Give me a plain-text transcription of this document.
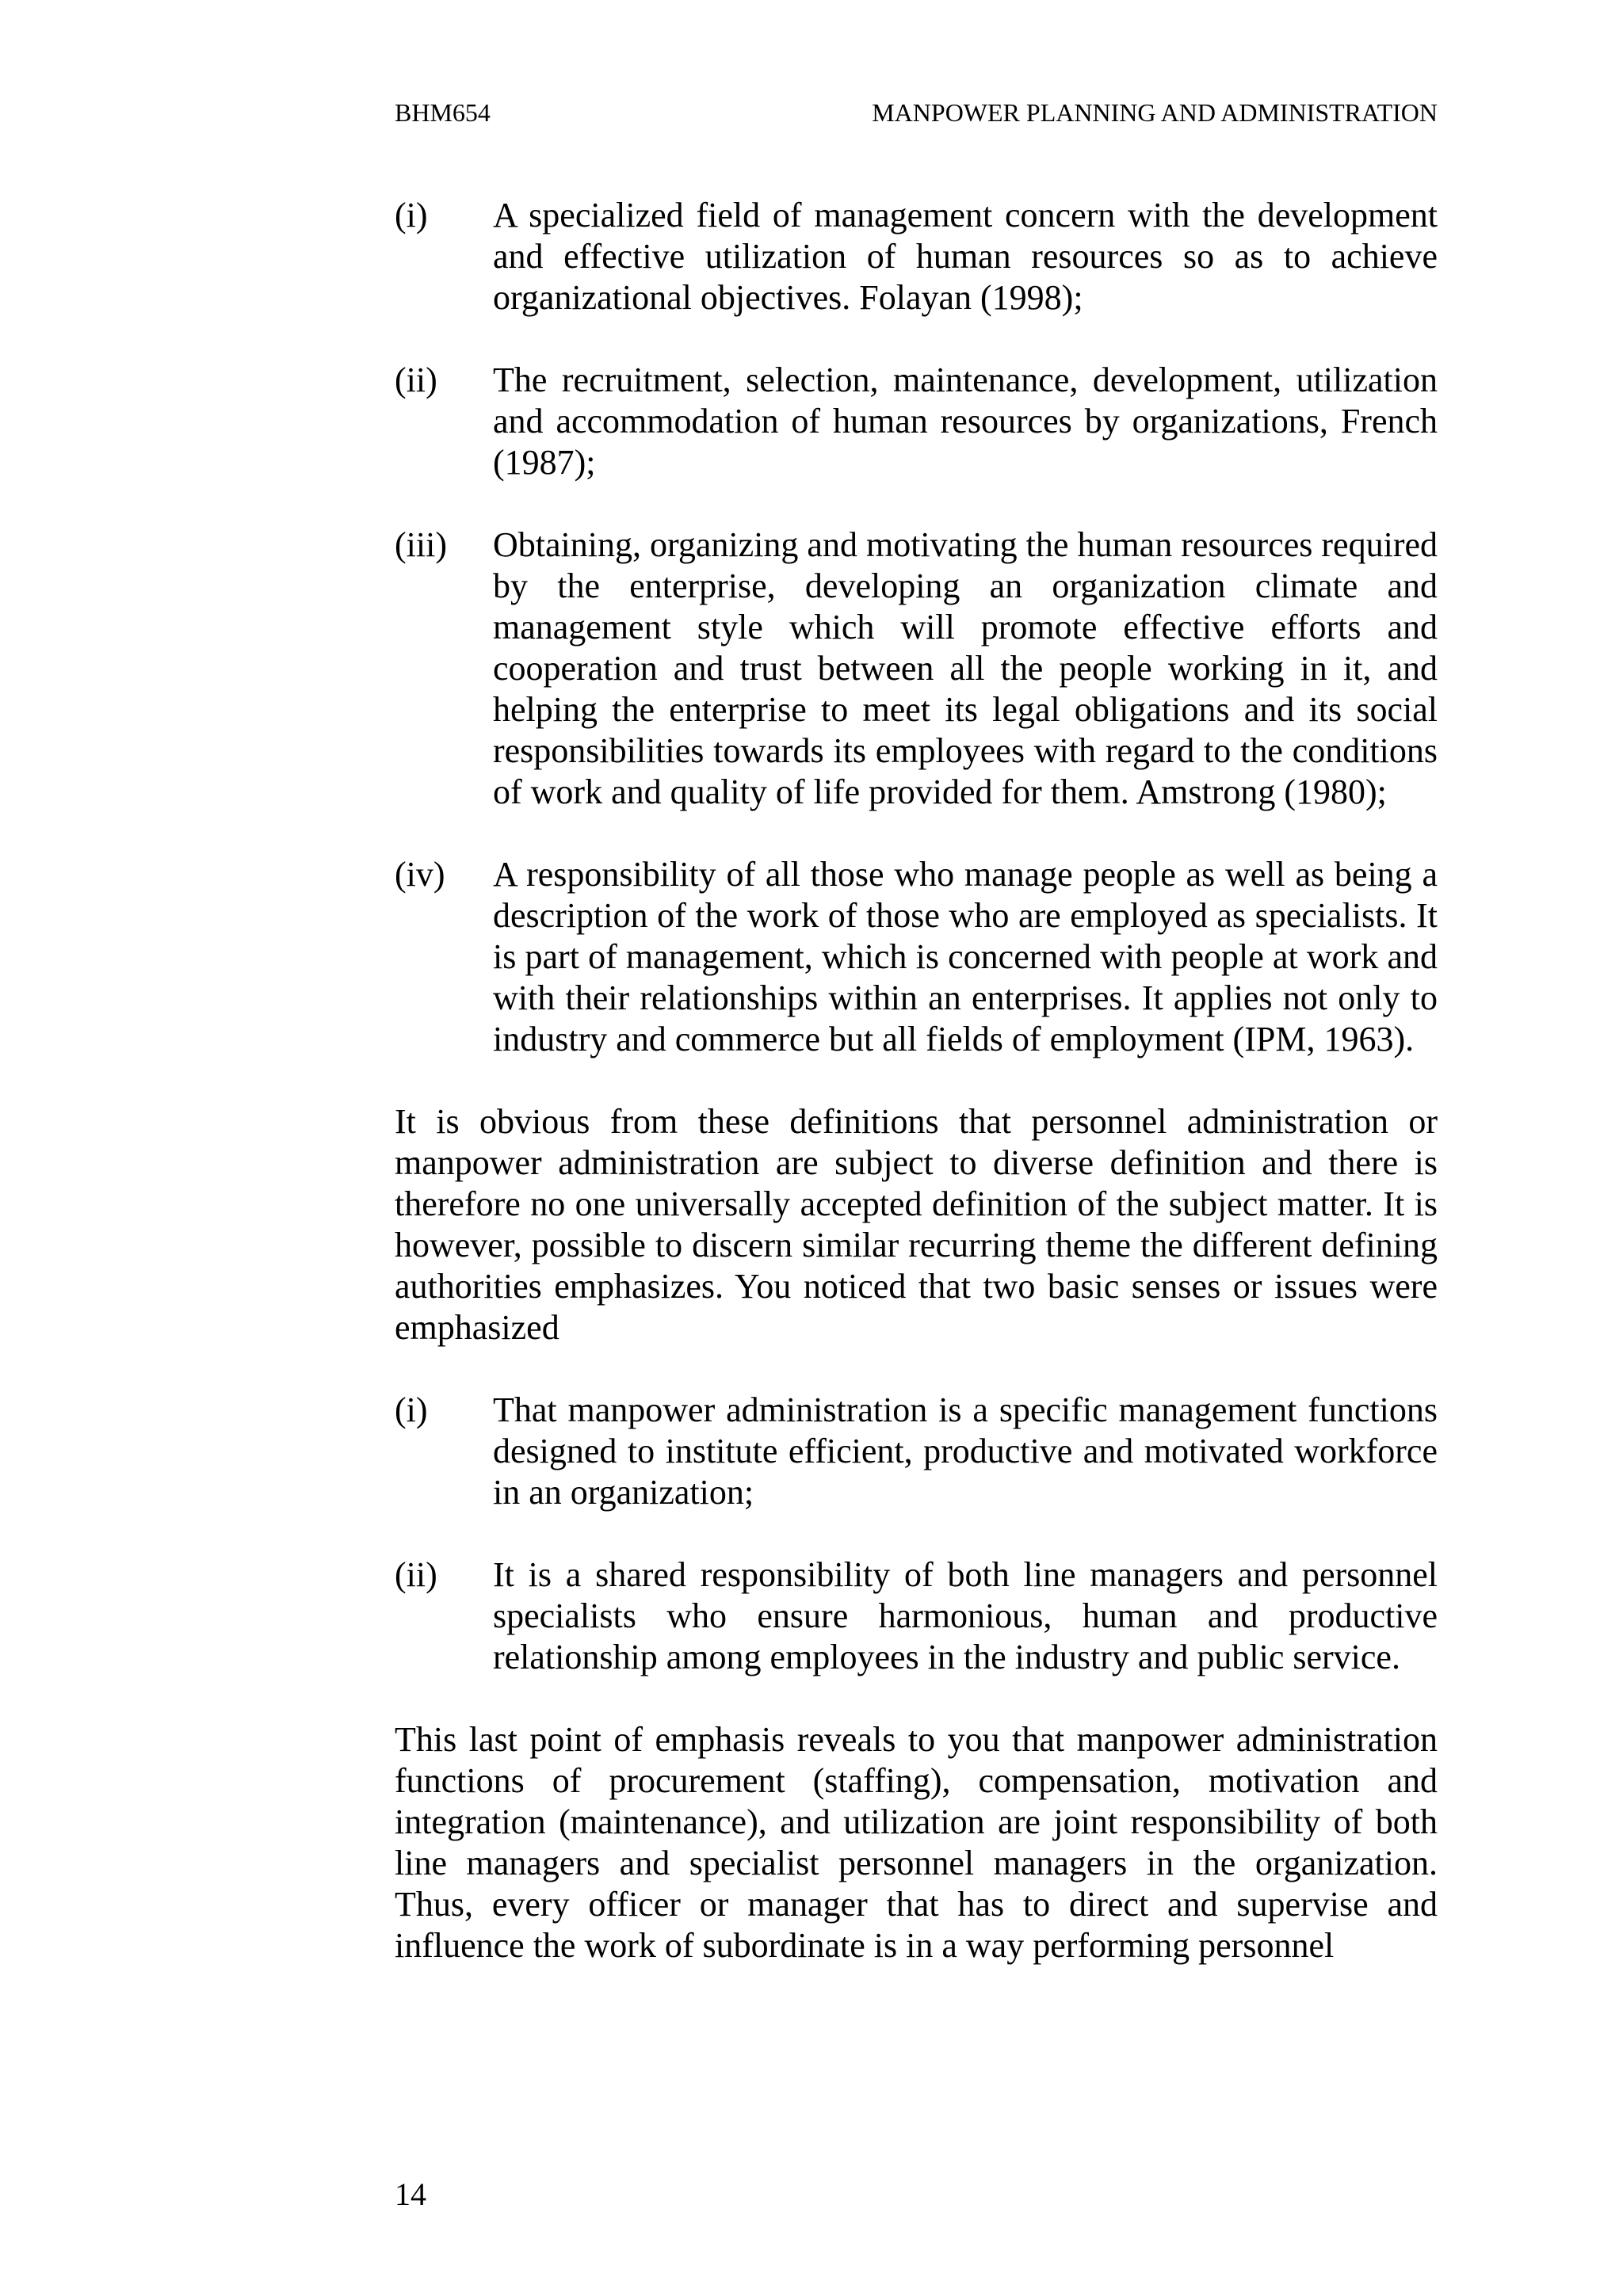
BHM654	MANPOWER PLANNING AND ADMINISTRATION
(i)	A specialized field of management concern with the development and effective utilization of human resources so as to achieve organizational objectives. Folayan (1998);
(ii)	The recruitment, selection, maintenance, development, utilization and accommodation of human resources by organizations, French (1987);
(iii)	Obtaining, organizing and motivating the human resources required by the enterprise, developing an organization climate and management style which will promote effective efforts and cooperation and trust between all the people working in it, and helping the enterprise to meet its legal obligations and its social responsibilities towards its employees with regard to the conditions of work and quality of life provided for them. Amstrong (1980);
(iv)	A responsibility of all those who manage people as well as being a description of the work of those who are employed as specialists. It is part of management, which is concerned with people at work and with their relationships within an enterprises. It applies not only to industry and commerce but all fields of employment (IPM, 1963).

It is obvious from these definitions that personnel administration or manpower administration are subject to diverse definition and there is therefore no one universally accepted definition of the subject matter. It is however, possible to discern similar recurring theme the different defining authorities emphasizes. You noticed that two basic senses or issues were emphasized

(i)	That manpower administration is a specific management functions designed to institute efficient, productive and motivated workforce in an organization;
(ii)	It is a shared responsibility of both line managers and personnel specialists who ensure harmonious, human and productive relationship among employees in the industry and public service.

This last point of emphasis reveals to you that manpower administration functions of procurement (staffing), compensation, motivation and integration (maintenance), and utilization are joint responsibility of both line managers and specialist personnel managers in the organization. Thus, every officer or manager that has to direct and supervise and influence the work of subordinate is in a way performing personnel

14
